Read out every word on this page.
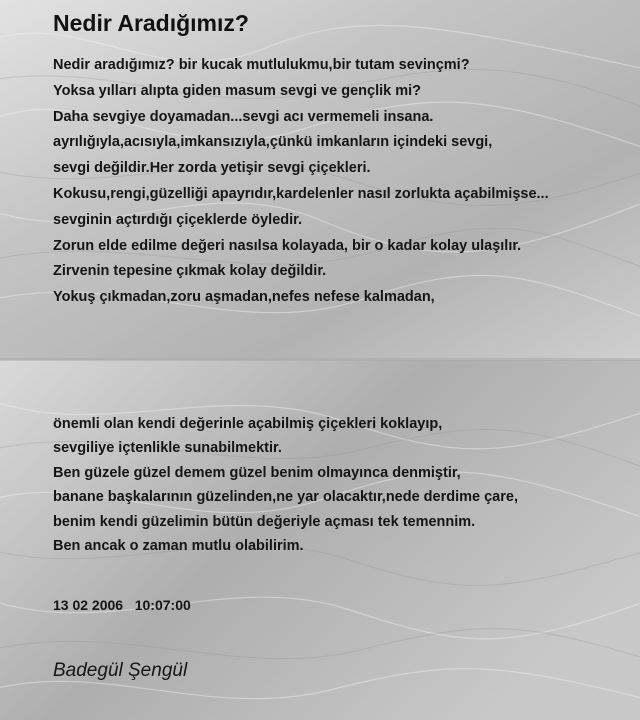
Nedir Aradığımız?
Nedir aradığımız? bir kucak mutlulukmu,bir tutam sevinçmi?
Yoksa yılları alıpta giden masum sevgi ve gençlik mi?
Daha sevgiye doyamadan...sevgi acı vermemeli insana.
ayrılığıyla,acısıyla,imkansızıyla,çünkü imkanların içindeki sevgi,
sevgi değildir.Her zorda yetişir sevgi çiçekleri.
Kokusu,rengi,güzelliği apayrıdır,kardelenler nasıl zorlukta açabilmişse...
sevginin açtırdığı çiçeklerde öyledir.
Zorun elde edilme değeri nasılsa kolayada, bir o kadar kolay ulaşılır.
Zirvenin tepesine çıkmak kolay değildir.
Yokuş çıkmadan,zoru aşmadan,nefes nefese kalmadan,
önemli olan kendi değerinle açabilmiş çiçekleri koklayıp,
sevgiliye içtenlikle sunabilmektir.
Ben güzele güzel demem güzel benim olmayınca denmiştir,
banane başkalarının güzelinden,ne yar olacaktır,nede derdime çare,
benim kendi güzelimin bütün değeriyle açması tek temennim.
Ben ancak o zaman mutlu olabilirim.
13 02 2006   10:07:00
Badegül Şengül
